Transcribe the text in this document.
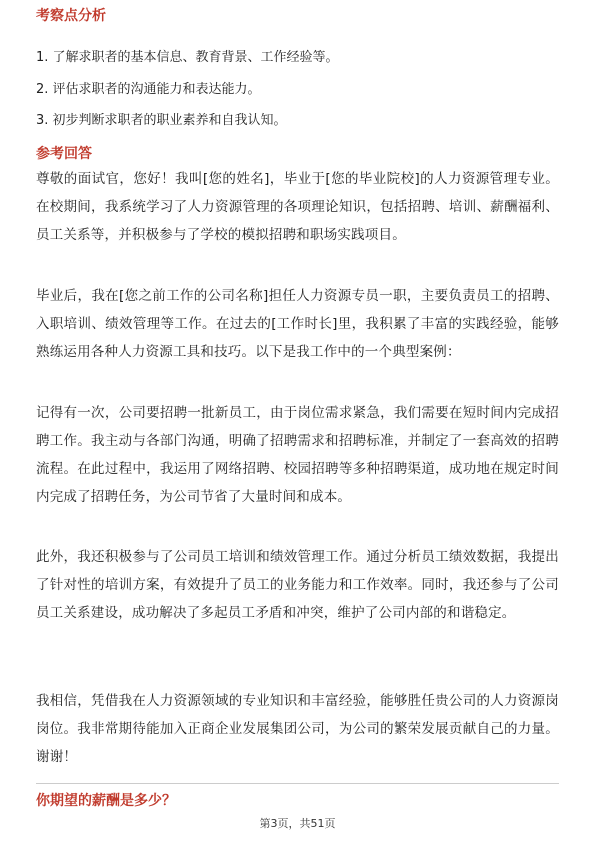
考察点分析
1. 了解求职者的基本信息、教育背景、工作经验等。
2. 评估求职者的沟通能力和表达能力。
3. 初步判断求职者的职业素养和自我认知。
参考回答
尊敬的面试官，您好！我叫[您的姓名]，毕业于[您的毕业院校]的人力资源管理专业。在校期间，我系统学习了人力资源管理的各项理论知识，包括招聘、培训、薪酬福利、员工关系等，并积极参与了学校的模拟招聘和职场实践项目。
毕业后，我在[您之前工作的公司名称]担任人力资源专员一职，主要负责员工的招聘、入职培训、绩效管理等工作。在过去的[工作时长]里，我积累了丰富的实践经验，能够熟练运用各种人力资源工具和技巧。以下是我工作中的一个典型案例：
记得有一次，公司要招聘一批新员工，由于岗位需求紧急，我们需要在短时间内完成招聘工作。我主动与各部门沟通，明确了招聘需求和招聘标准，并制定了一套高效的招聘流程。在此过程中，我运用了网络招聘、校园招聘等多种招聘渠道，成功地在规定时间内完成了招聘任务，为公司节省了大量时间和成本。
此外，我还积极参与了公司员工培训和绩效管理工作。通过分析员工绩效数据，我提出了针对性的培训方案，有效提升了员工的业务能力和工作效率。同时，我还参与了公司员工关系建设，成功解决了多起员工矛盾和冲突，维护了公司内部的和谐稳定。
我相信，凭借我在人力资源领域的专业知识和丰富经验，能够胜任贵公司的人力资源岗岗位。我非常期待能加入正商企业发展集团公司，为公司的繁荣发展贡献自己的力量。谢谢！
你期望的薪酬是多少？
第3页，共51页
